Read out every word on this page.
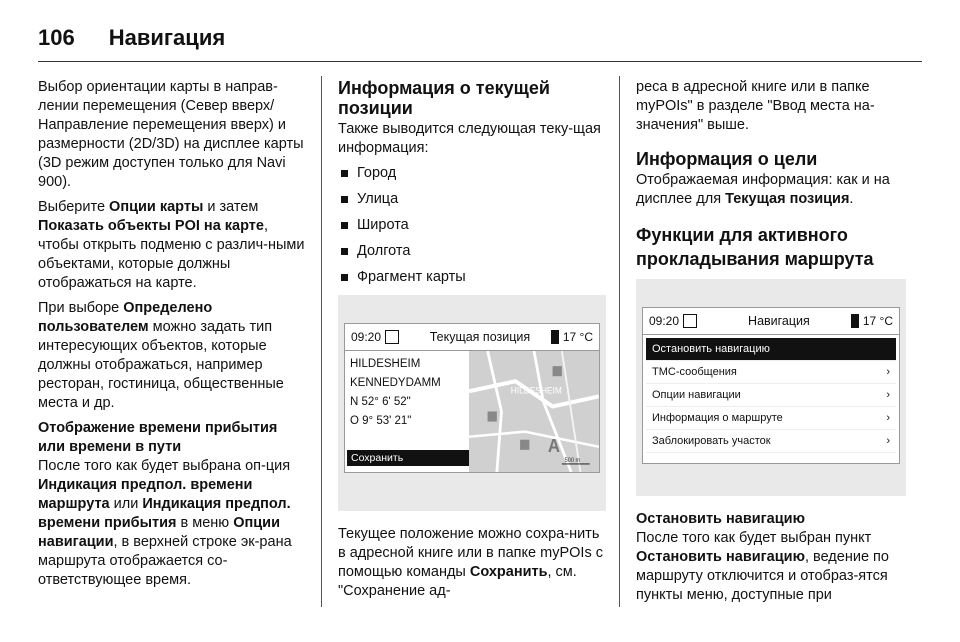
106 Навигация

Выбор ориентации карты в направ-лении перемещения (Север вверх/Направление перемещения вверх) и размерности (2D/3D) на дисплее карты (3D режим доступен только для Navi 900).

Выберите Опции карты и затем Показать объекты POI на карте, чтобы открыть подменю с различ-ными объектами, которые должны отображаться на карте.

При выборе Определено пользователем можно задать тип интересующих объектов, которые должны отображаться, например ресторан, гостиница, общественные места и др.

Отображение времени прибытия или времени в пути

После того как будет выбрана оп-ция Индикация предпол. времени маршрута или Индикация предпол. времени прибытия в меню Опции навигации, в верхней строке эк-рана маршрута отображается со-ответствующее время.

Информация о текущей позиции

Также выводится следующая теку-щая информация:

Город
Улица
Широта
Долгота
Фрагмент карты
09:20	Текущая позиция	17 °C
HILDESHEIM
KENNEDYDAMM
N 52° 6' 52"
O 9° 53' 21"
Сохранить
HILDESHEIM
A
500 m

Текущее положение можно сохра-нить в адресной книге или в папке myPOIs с помощью команды Сохранить, см. "Сохранение ад-

реса в адресной книге или в папке myPOIs" в разделе "Ввод места на-значения" выше.

Информация о цели

Отображаемая информация: как и на дисплее для Текущая позиция.

Функции для активного прокладывания маршрута
09:20	Навигация	17 °C
Остановить навигацию
TMC-сообщения	›
Опции навигации	›
Информация о маршруте	›
Заблокировать участок	›
Остановить навигацию

После того как будет выбран пункт Остановить навигацию, ведение по маршруту отключится и отобраз-ятся пункты меню, доступные при
